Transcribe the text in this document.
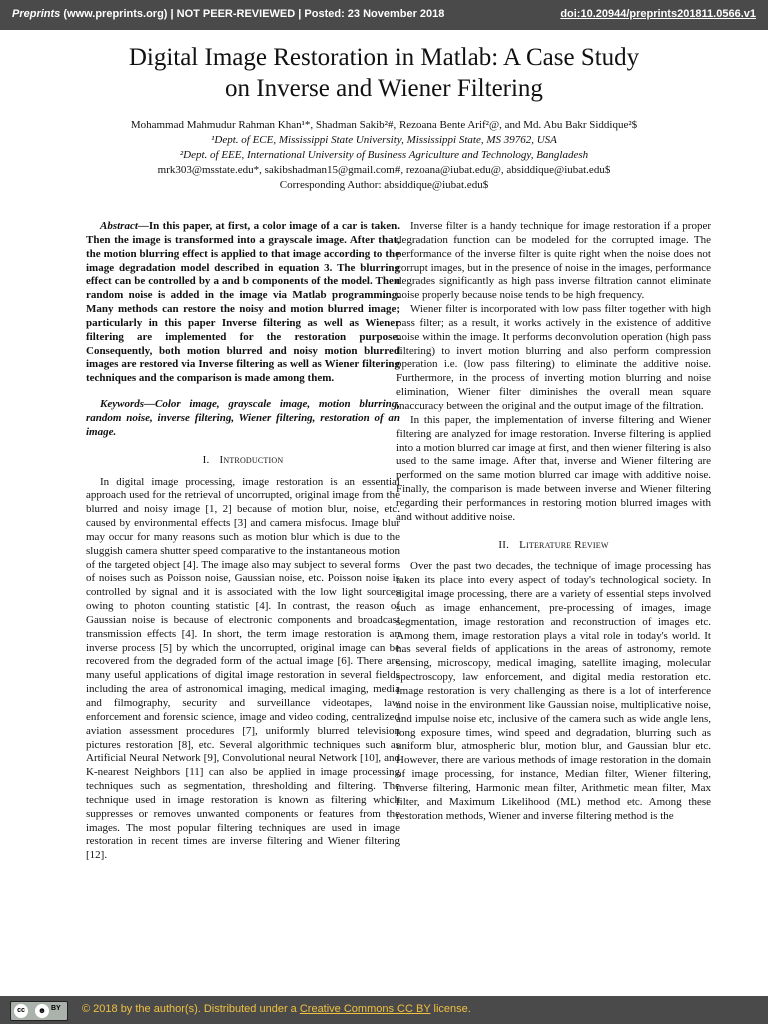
Preprints (www.preprints.org) | NOT PEER-REVIEWED | Posted: 23 November 2018	doi:10.20944/preprints201811.0566.v1
Digital Image Restoration in Matlab: A Case Study
on Inverse and Wiener Filtering
Mohammad Mahmudur Rahman Khan¹*, Shadman Sakib²#, Rezoana Bente Arif²@, and Md. Abu Bakr Siddique²$
¹Dept. of ECE, Mississippi State University, Mississippi State, MS 39762, USA
²Dept. of EEE, International University of Business Agriculture and Technology, Bangladesh
mrk303@msstate.edu*, sakibshadman15@gmail.com#, rezoana@iubat.edu@, absiddique@iubat.edu$
Corresponding Author: absiddique@iubat.edu$

Abstract—In this paper, at first, a color image of a car is taken. Then the image is transformed into a grayscale image. After that, the motion blurring effect is applied to that image according to the image degradation model described in equation 3. The blurring effect can be controlled by a and b components of the model. Then random noise is added in the image via Matlab programming. Many methods can restore the noisy and motion blurred image; particularly in this paper Inverse filtering as well as Wiener filtering are implemented for the restoration purpose. Consequently, both motion blurred and noisy motion blurred images are restored via Inverse filtering as well as Wiener filtering techniques and the comparison is made among them.

Keywords—Color image, grayscale image, motion blurring, random noise, inverse filtering, Wiener filtering, restoration of an image.

I. Introduction

In digital image processing, image restoration is an essential approach used for the retrieval of uncorrupted, original image from the blurred and noisy image [1, 2] because of motion blur, noise, etc. caused by environmental effects [3] and camera misfocus. Image blur may occur for many reasons such as motion blur which is due to the sluggish camera shutter speed comparative to the instantaneous motion of the targeted object [4]. The image also may subject to several forms of noises such as Poisson noise, Gaussian noise, etc. Poisson noise is controlled by signal and it is associated with the low light sources owing to photon counting statistic [4]. In contrast, the reason of Gaussian noise is because of electronic components and broadcast transmission effects [4]. In short, the term image restoration is an inverse process [5] by which the uncorrupted, original image can be recovered from the degraded form of the actual image [6]. There are many useful applications of digital image restoration in several fields including the area of astronomical imaging, medical imaging, media and filmography, security and surveillance videotapes, law enforcement and forensic science, image and video coding, centralized aviation assessment procedures [7], uniformly blurred television pictures restoration [8], etc. Several algorithmic techniques such as Artificial Neural Network [9], Convolutional neural Network [10], and K-nearest Neighbors [11] can also be applied in image processing techniques such as segmentation, thresholding and filtering. The technique used in image restoration is known as filtering which suppresses or removes unwanted components or features from the images. The most popular filtering techniques are used in image restoration in recent times are inverse filtering and Wiener filtering [12].

Inverse filter is a handy technique for image restoration if a proper degradation function can be modeled for the corrupted image. The performance of the inverse filter is quite right when the noise does not corrupt images, but in the presence of noise in the images, performance degrades significantly as high pass inverse filtration cannot eliminate noise properly because noise tends to be high frequency.

Wiener filter is incorporated with low pass filter together with high pass filter; as a result, it works actively in the existence of additive noise within the image. It performs deconvolution operation (high pass filtering) to invert motion blurring and also perform compression operation i.e. (low pass filtering) to eliminate the additive noise. Furthermore, in the process of inverting motion blurring and noise elimination, Wiener filter diminishes the overall mean square inaccuracy between the original and the output image of the filtration.

In this paper, the implementation of inverse filtering and Wiener filtering are analyzed for image restoration. Inverse filtering is applied into a motion blurred car image at first, and then wiener filtering is also used to the same image. After that, inverse and Wiener filtering are performed on the same motion blurred car image with additive noise. Finally, the comparison is made between inverse and Wiener filtering regarding their performances in restoring motion blurred images with and without additive noise.

II. Literature Review

Over the past two decades, the technique of image processing has taken its place into every aspect of today's technological society. In digital image processing, there are a variety of essential steps involved such as image enhancement, pre-processing of images, image segmentation, image restoration and reconstruction of images etc. Among them, image restoration plays a vital role in today's world. It has several fields of applications in the areas of astronomy, remote sensing, microscopy, medical imaging, satellite imaging, molecular spectroscopy, law enforcement, and digital media restoration etc. Image restoration is very challenging as there is a lot of interference and noise in the environment like Gaussian noise, multiplicative noise, and impulse noise etc, inclusive of the camera such as wide angle lens, long exposure times, wind speed and degradation, blurring such as uniform blur, atmospheric blur, motion blur, and Gaussian blur etc. However, there are various methods of image restoration in the domain of image processing, for instance, Median filter, Wiener filtering, inverse filtering, Harmonic mean filter, Arithmetic mean filter, Max filter, and Maximum Likelihood (ML) method etc. Among these restoration methods, Wiener and inverse filtering method is the

cc	☻ BY © 2018 by the author(s). Distributed under a Creative Commons CC BY license.
